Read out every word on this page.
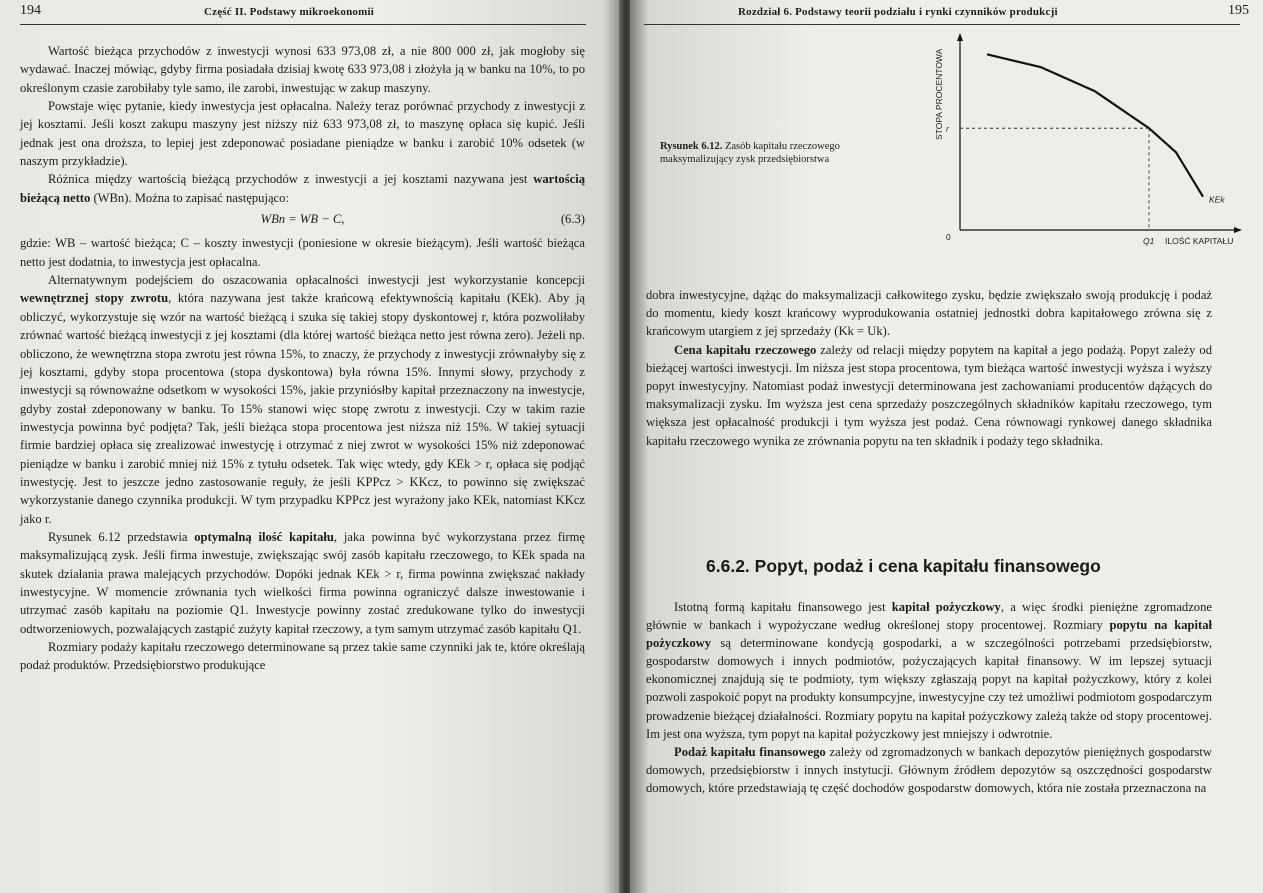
194	Część II. Podstawy mikroekonomii

Wartość bieżąca przychodów z inwestycji wynosi 633 973,08 zł, a nie 800 000 zł, jak mogłoby się wydawać. Inaczej mówiąc, gdyby firma posiadała dzisiaj kwotę 633 973,08 i złożyła ją w banku na 10%, to po określonym czasie zarobiłaby tyle samo, ile zarobi, inwestując w zakup maszyny.

Powstaje więc pytanie, kiedy inwestycja jest opłacalna. Należy teraz porównać przychody z inwestycji z jej kosztami. Jeśli koszt zakupu maszyny jest niższy niż 633 973,08 zł, to maszynę opłaca się kupić. Jeśli jednak jest ona droższa, to lepiej jest zdeponować posiadane pieniądze w banku i zarobić 10% odsetek (w naszym przykładzie).

Różnica między wartością bieżącą przychodów z inwestycji a jej kosztami nazywana jest wartością bieżącą netto (WBn). Można to zapisać następująco:

WBn = WB − C,	(6.3)

gdzie: WB – wartość bieżąca; C – koszty inwestycji (poniesione w okresie bieżącym). Jeśli wartość bieżąca netto jest dodatnia, to inwestycja jest opłacalna.

Alternatywnym podejściem do oszacowania opłacalności inwestycji jest wykorzystanie koncepcji wewnętrznej stopy zwrotu, która nazywana jest także krańcową efektywnością kapitału (KEk). Aby ją obliczyć, wykorzystuje się wzór na wartość bieżącą i szuka się takiej stopy dyskontowej r, która pozwoliłaby zrównać wartość bieżącą inwestycji z jej kosztami (dla której wartość bieżąca netto jest równa zero). Jeżeli np. obliczono, że wewnętrzna stopa zwrotu jest równa 15%, to znaczy, że przychody z inwestycji zrównałyby się z jej kosztami, gdyby stopa procentowa (stopa dyskontowa) była równa 15%. Innymi słowy, przychody z inwestycji są równoważne odsetkom w wysokości 15%, jakie przyniósłby kapitał przeznaczony na inwestycje, gdyby został zdeponowany w banku. To 15% stanowi więc stopę zwrotu z inwestycji. Czy w takim razie inwestycja powinna być podjęta? Tak, jeśli bieżąca stopa procentowa jest niższa niż 15%. W takiej sytuacji firmie bardziej opłaca się zrealizować inwestycję i otrzymać z niej zwrot w wysokości 15% niż zdeponować pieniądze w banku i zarobić mniej niż 15% z tytułu odsetek. Tak więc wtedy, gdy KEk > r, opłaca się podjąć inwestycję. Jest to jeszcze jedno zastosowanie reguły, że jeśli KPPcz > KKcz, to powinno się zwiększać wykorzystanie danego czynnika produkcji. W tym przypadku KPPcz jest wyrażony jako KEk, natomiast KKcz jako r.

Rysunek 6.12 przedstawia optymalną ilość kapitału, jaka powinna być wykorzystana przez firmę maksymalizującą zysk. Jeśli firma inwestuje, zwiększając swój zasób kapitału rzeczowego, to KEk spada na skutek działania prawa malejących przychodów. Dopóki jednak KEk > r, firma powinna zwiększać nakłady inwestycyjne. W momencie zrównania tych wielkości firma powinna ograniczyć dalsze inwestowanie i utrzymać zasób kapitału na poziomie Q1. Inwestycje powinny zostać zredukowane tylko do inwestycji odtworzeniowych, pozwalających zastąpić zużyty kapitał rzeczowy, a tym samym utrzymać zasób kapitału Q1.

Rozmiary podaży kapitału rzeczowego determinowane są przez takie same czynniki jak te, które określają podaż produktów. Przedsiębiorstwo produkujące

Rozdział 6. Podstawy teorii podziału i rynki czynników produkcji	195
Rysunek 6.12. Zasób kapitału rzeczowego maksymalizujący zysk przedsiębiorstwa
r
0	Q1 ILOŚĆ KAPITAŁU
KEk
STOPA PROCENTOWA

dobra inwestycyjne, dążąc do maksymalizacji całkowitego zysku, będzie zwiększało swoją produkcję i podaż do momentu, kiedy koszt krańcowy wyprodukowania ostatniej jednostki dobra kapitałowego zrówna się z krańcowym utargiem z jej sprzedaży (Kk = Uk).

Cena kapitału rzeczowego zależy od relacji między popytem na kapitał a jego podażą. Popyt zależy od bieżącej wartości inwestycji. Im niższa jest stopa procentowa, tym bieżąca wartość inwestycji wyższa i wyższy popyt inwestycyjny. Natomiast podaż inwestycji determinowana jest zachowaniami producentów dążących do maksymalizacji zysku. Im wyższa jest cena sprzedaży poszczególnych składników kapitału rzeczowego, tym większa jest opłacalność produkcji i tym wyższa jest podaż. Cena równowagi rynkowej danego składnika kapitału rzeczowego wynika ze zrównania popytu na ten składnik i podaży tego składnika.

6.6.2. Popyt, podaż i cena kapitału finansowego

Istotną formą kapitału finansowego jest kapitał pożyczkowy, a więc środki pieniężne zgromadzone głównie w bankach i wypożyczane według określonej stopy procentowej. Rozmiary popytu na kapitał pożyczkowy są determinowane kondycją gospodarki, a w szczególności potrzebami przedsiębiorstw, gospodarstw domowych i innych podmiotów, pożyczających kapitał finansowy. W im lepszej sytuacji ekonomicznej znajdują się te podmioty, tym większy zgłaszają popyt na kapitał pożyczkowy, który z kolei pozwoli zaspokoić popyt na produkty konsumpcyjne, inwestycyjne czy też umożliwi podmiotom gospodarczym prowadzenie bieżącej działalności. Rozmiary popytu na kapitał pożyczkowy zależą także od stopy procentowej. Im jest ona wyższa, tym popyt na kapitał pożyczkowy jest mniejszy i odwrotnie.

Podaż kapitału finansowego zależy od zgromadzonych w bankach depozytów pieniężnych gospodarstw domowych, przedsiębiorstw i innych instytucji. Głównym źródłem depozytów są oszczędności gospodarstw domowych, które przedstawiają tę część dochodów gospodarstw domowych, która nie została przeznaczona na
